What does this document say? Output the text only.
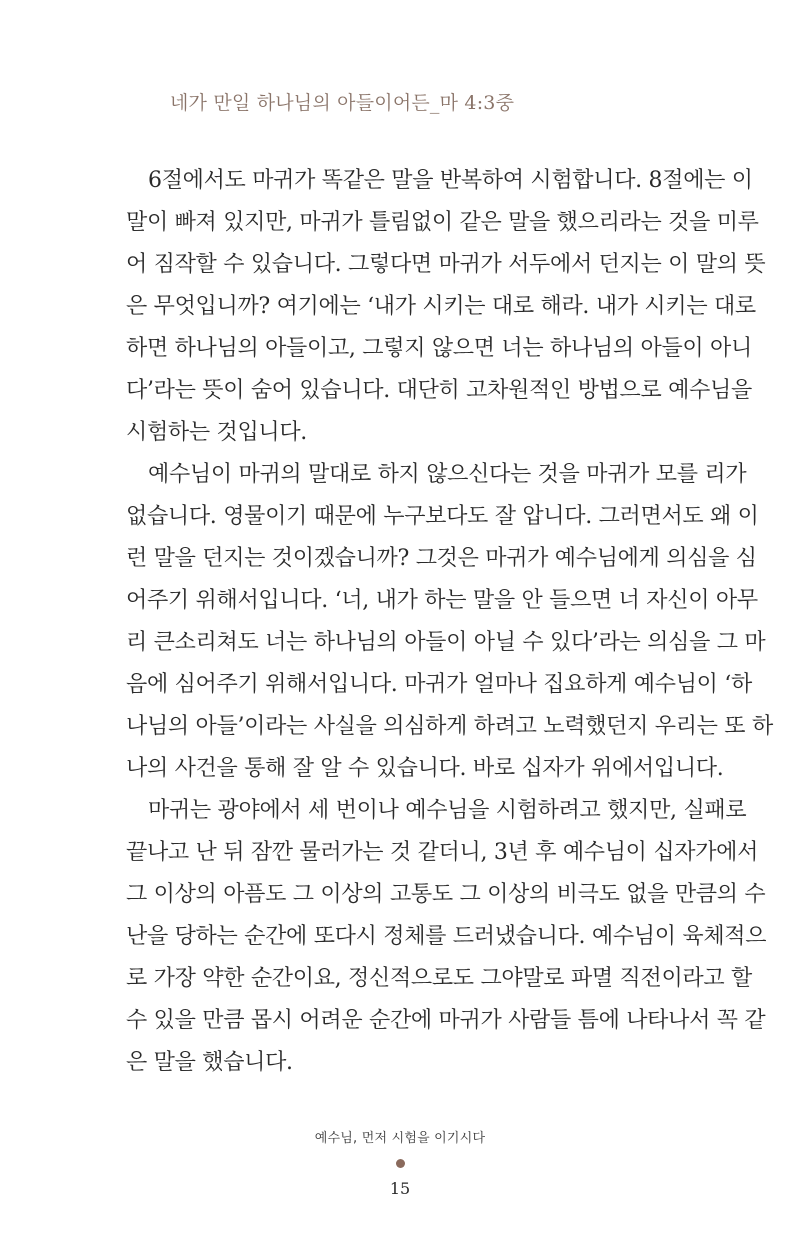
네가 만일 하나님의 아들이어든_마 4:3중
6절에서도 마귀가 똑같은 말을 반복하여 시험합니다. 8절에는 이
말이 빠져 있지만, 마귀가 틀림없이 같은 말을 했으리라는 것을 미루
어 짐작할 수 있습니다. 그렇다면 마귀가 서두에서 던지는 이 말의 뜻
은 무엇입니까? 여기에는 ‘내가 시키는 대로 해라. 내가 시키는 대로
하면 하나님의 아들이고, 그렇지 않으면 너는 하나님의 아들이 아니
다’라는 뜻이 숨어 있습니다. 대단히 고차원적인 방법으로 예수님을
시험하는 것입니다.
예수님이 마귀의 말대로 하지 않으신다는 것을 마귀가 모를 리가
없습니다. 영물이기 때문에 누구보다도 잘 압니다. 그러면서도 왜 이
런 말을 던지는 것이겠습니까? 그것은 마귀가 예수님에게 의심을 심
어주기 위해서입니다. ‘너, 내가 하는 말을 안 들으면 너 자신이 아무
리 큰소리쳐도 너는 하나님의 아들이 아닐 수 있다’라는 의심을 그 마
음에 심어주기 위해서입니다. 마귀가 얼마나 집요하게 예수님이 ‘하
나님의 아들’이라는 사실을 의심하게 하려고 노력했던지 우리는 또 하
나의 사건을 통해 잘 알 수 있습니다. 바로 십자가 위에서입니다.
마귀는 광야에서 세 번이나 예수님을 시험하려고 했지만, 실패로
끝나고 난 뒤 잠깐 물러가는 것 같더니, 3년 후 예수님이 십자가에서
그 이상의 아픔도 그 이상의 고통도 그 이상의 비극도 없을 만큼의 수
난을 당하는 순간에 또다시 정체를 드러냈습니다. 예수님이 육체적으
로 가장 약한 순간이요, 정신적으로도 그야말로 파멸 직전이라고 할
수 있을 만큼 몹시 어려운 순간에 마귀가 사람들 틈에 나타나서 꼭 같
은 말을 했습니다.
예수님, 먼저 시험을 이기시다
15
